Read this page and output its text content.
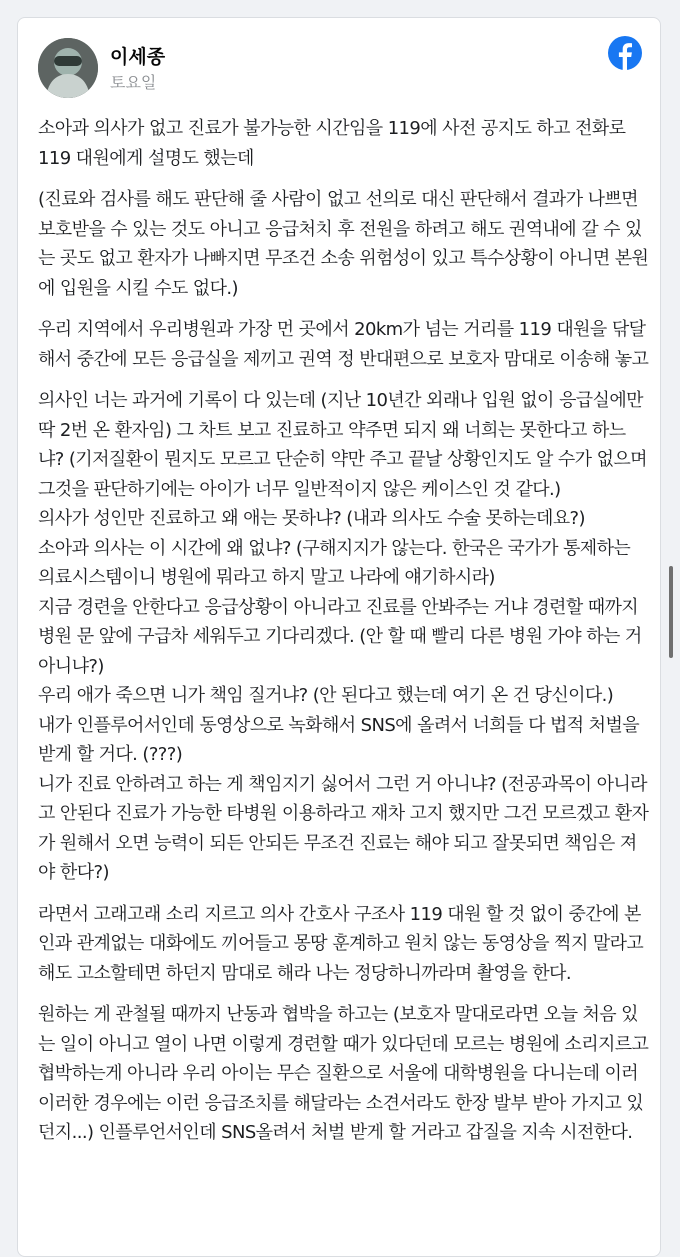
이세종
토요일

소아과 의사가 없고 진료가 불가능한 시간임을 119에 사전 공지도 하고 전화로 119 대원에게 설명도 했는데

(진료와 검사를 해도 판단해 줄 사람이 없고 선의로 대신 판단해서 결과가 나쁘면 보호받을 수 있는 것도 아니고 응급처치 후 전원을 하려고 해도 권역내에 갈 수 있는 곳도 없고 환자가 나빠지면 무조건 소송 위험성이 있고 특수상황이 아니면 본원에 입원을 시킬 수도 없다.)

우리 지역에서 우리병원과 가장 먼 곳에서 20km가 넘는 거리를 119 대원을 닦달해서 중간에 모든 응급실을 제끼고 권역 정 반대편으로 보호자 맘대로 이송해 놓고

의사인 너는 과거에 기록이 다 있는데 (지난 10년간 외래나 입원 없이 응급실에만 딱 2번 온 환자임) 그 차트 보고 진료하고 약주면 되지 왜 너희는 못한다고 하느냐? (기저질환이 뭔지도 모르고 단순히 약만 주고 끝날 상황인지도 알 수가 없으며 그것을 판단하기에는 아이가 너무 일반적이지 않은 케이스인 것 같다.)

의사가 성인만 진료하고 왜 애는 못하냐? (내과 의사도 수술 못하는데요?)

소아과 의사는 이 시간에 왜 없냐? (구해지지가 않는다. 한국은 국가가 통제하는 의료시스템이니 병원에 뭐라고 하지 말고 나라에 얘기하시라)

지금 경련을 안한다고 응급상황이 아니라고 진료를 안봐주는 거냐 경련할 때까지 병원 문 앞에 구급차 세워두고 기다리겠다. (안 할 때 빨리 다른 병원 가야 하는 거 아니냐?)

우리 애가 죽으면 니가 책임 질거냐? (안 된다고 했는데 여기 온 건 당신이다.)

내가 인플루어서인데 동영상으로 녹화해서 SNS에 올려서 너희들 다 법적 처벌을 받게 할 거다. (???)

니가 진료 안하려고 하는 게 책임지기 싫어서 그런 거 아니냐? (전공과목이 아니라고 안된다 진료가 가능한 타병원 이용하라고 재차 고지 했지만 그건 모르겠고 환자가 원해서 오면 능력이 되든 안되든 무조건 진료는 해야 되고 잘못되면 책임은 져야 한다?)

라면서 고래고래 소리 지르고 의사 간호사 구조사 119 대원 할 것 없이 중간에 본인과 관계없는 대화에도 끼어들고 몽땅 훈계하고 원치 않는 동영상을 찍지 말라고 해도 고소할테면 하던지 맘대로 해라 나는 정당하니까라며 촬영을 한다.

원하는 게 관철될 때까지 난동과 협박을 하고는 (보호자 말대로라면 오늘 처음 있는 일이 아니고 열이 나면 이렇게 경련할 때가 있다던데 모르는 병원에 소리지르고 협박하는게 아니라 우리 아이는 무슨 질환으로 서울에 대학병원을 다니는데 이러이러한 경우에는 이런 응급조치를 해달라는 소견서라도 한장 발부 받아 가지고 있던지...) 인플루언서인데 SNS올려서 처벌 받게 할 거라고 갑질을 지속 시전한다.
